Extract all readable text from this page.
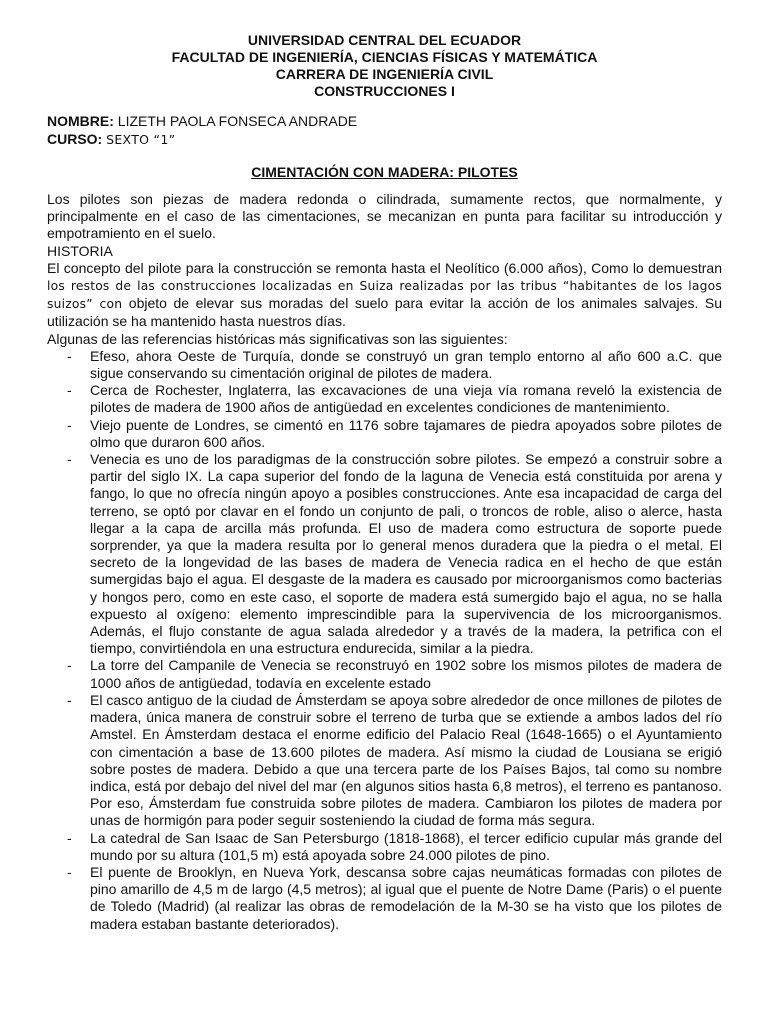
UNIVERSIDAD CENTRAL DEL ECUADOR
FACULTAD DE INGENIERÍA, CIENCIAS FÍSICAS Y MATEMÁTICA
CARRERA DE INGENIERÍA CIVIL
CONSTRUCCIONES I
NOMBRE: LIZETH PAOLA FONSECA ANDRADE
CURSO: SEXTO “1”
CIMENTACIÓN CON MADERA: PILOTES

Los pilotes son piezas de madera redonda o cilindrada, sumamente rectos, que normalmente, y principalmente en el caso de las cimentaciones, se mecanizan en punta para facilitar su introducción y empotramiento en el suelo.

HISTORIA

El concepto del pilote para la construcción se remonta hasta el Neolítico (6.000 años), Como lo demuestran los restos de las construcciones localizadas en Suiza realizadas por las tribus “habitantes de los lagos suizos” con objeto de elevar sus moradas del suelo para evitar la acción de los animales salvajes. Su utilización se ha mantenido hasta nuestros días.

Algunas de las referencias históricas más significativas son las siguientes:

- Efeso, ahora Oeste de Turquía, donde se construyó un gran templo entorno al año 600 a.C. que sigue conservando su cimentación original de pilotes de madera.
- Cerca de Rochester, Inglaterra, las excavaciones de una vieja vía romana reveló la existencia de pilotes de madera de 1900 años de antigüedad en excelentes condiciones de mantenimiento.
- Viejo puente de Londres, se cimentó en 1176 sobre tajamares de piedra apoyados sobre pilotes de olmo que duraron 600 años.
- Venecia es uno de los paradigmas de la construcción sobre pilotes. Se empezó a construir sobre a partir del siglo IX. La capa superior del fondo de la laguna de Venecia está constituida por arena y fango, lo que no ofrecía ningún apoyo a posibles construcciones. Ante esa incapacidad de carga del terreno, se optó por clavar en el fondo un conjunto de pali, o troncos de roble, aliso o alerce, hasta llegar a la capa de arcilla más profunda. El uso de madera como estructura de soporte puede sorprender, ya que la madera resulta por lo general menos duradera que la piedra o el metal. El secreto de la longevidad de las bases de madera de Venecia radica en el hecho de que están sumergidas bajo el agua. El desgaste de la madera es causado por microorganismos como bacterias y hongos pero, como en este caso, el soporte de madera está sumergido bajo el agua, no se halla expuesto al oxígeno: elemento imprescindible para la supervivencia de los microorganismos. Además, el flujo constante de agua salada alrededor y a través de la madera, la petrifica con el tiempo, convirtiéndola en una estructura endurecida, similar a la piedra.
- La torre del Campanile de Venecia se reconstruyó en 1902 sobre los mismos pilotes de madera de 1000 años de antigüedad, todavía en excelente estado
- El casco antiguo de la ciudad de Ámsterdam se apoya sobre alrededor de once millones de pilotes de madera, única manera de construir sobre el terreno de turba que se extiende a ambos lados del río Amstel. En Ámsterdam destaca el enorme edificio del Palacio Real (1648-1665) o el Ayuntamiento con cimentación a base de 13.600 pilotes de madera. Así mismo la ciudad de Lousiana se erigió sobre postes de madera. Debido a que una tercera parte de los Países Bajos, tal como su nombre indica, está por debajo del nivel del mar (en algunos sitios hasta 6,8 metros), el terreno es pantanoso. Por eso, Ámsterdam fue construida sobre pilotes de madera. Cambiaron los pilotes de madera por unas de hormigón para poder seguir sosteniendo la ciudad de forma más segura.
- La catedral de San Isaac de San Petersburgo (1818-1868), el tercer edificio cupular más grande del mundo por su altura (101,5 m) está apoyada sobre 24.000 pilotes de pino.
- El puente de Brooklyn, en Nueva York, descansa sobre cajas neumáticas formadas con pilotes de pino amarillo de 4,5 m de largo (4,5 metros); al igual que el puente de Notre Dame (Paris) o el puente de Toledo (Madrid) (al realizar las obras de remodelación de la M-30 se ha visto que los pilotes de madera estaban bastante deteriorados).
